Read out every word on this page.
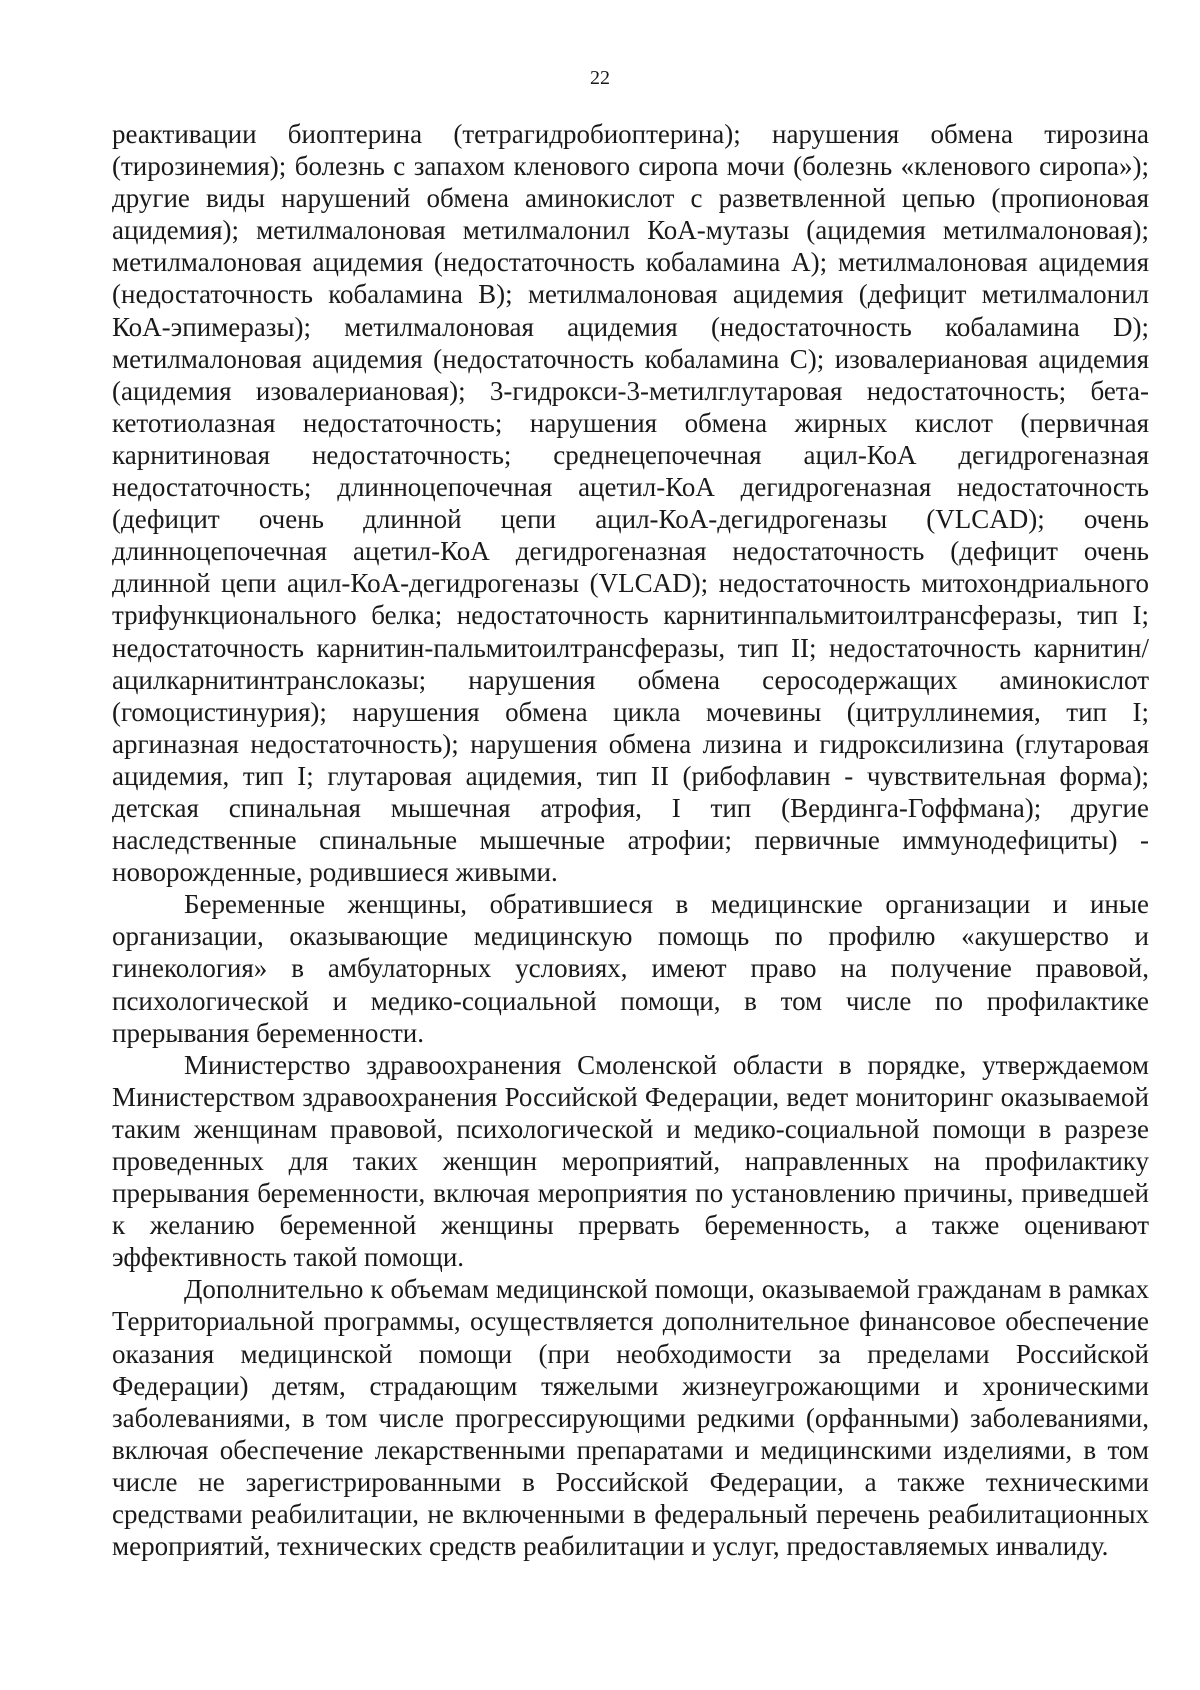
22

реактивации биоптерина (тетрагидробиоптерина); нарушения обмена тирозина (тирозинемия); болезнь с запахом кленового сиропа мочи (болезнь «кленового сиропа»); другие виды нарушений обмена аминокислот с разветвленной цепью (пропионовая ацидемия); метилмалоновая метилмалонил КоА-мутазы (ацидемия метилмалоновая); метилмалоновая ацидемия (недостаточность кобаламина А); метилмалоновая ацидемия (недостаточность кобаламина В); метилмалоновая ацидемия (дефицит метилмалонил КоА-эпимеразы); метилмалоновая ацидемия (недостаточность кобаламина D); метилмалоновая ацидемия (недостаточность кобаламина С); изовалериановая ацидемия (ацидемия изовалериановая); 3-гидрокси-3-метилглутаровая недостаточность; бета-кетотиолазная недостаточность; нарушения обмена жирных кислот (первичная карнитиновая недостаточность; среднецепочечная ацил-КоА дегидрогеназная недостаточность; длинноцепочечная ацетил-КоА дегидрогеназная недостаточность (дефицит очень длинной цепи ацил-КоА-дегидрогеназы (VLCAD); очень длинноцепочечная ацетил-КоА дегидрогеназная недостаточность (дефицит очень длинной цепи ацил-КоА-дегидрогеназы (VLCAD); недостаточность митохондриального трифункционального белка; недостаточность карнитинпальмитоилтрансферазы, тип I; недостаточность карнитин-пальмитоилтрансферазы, тип II; недостаточность карнитин/ацилкарнитинтранслоказы; нарушения обмена серосодержащих аминокислот (гомоцистинурия); нарушения обмена цикла мочевины (цитруллинемия, тип I; аргиназная недостаточность); нарушения обмена лизина и гидроксилизина (глутаровая ацидемия, тип I; глутаровая ацидемия, тип II (рибофлавин - чувствительная форма); детская спинальная мышечная атрофия, I тип (Вердинга-Гоффмана); другие наследственные спинальные мышечные атрофии; первичные иммунодефициты) - новорожденные, родившиеся живыми.

Беременные женщины, обратившиеся в медицинские организации и иные организации, оказывающие медицинскую помощь по профилю «акушерство и гинекология» в амбулаторных условиях, имеют право на получение правовой, психологической и медико-социальной помощи, в том числе по профилактике прерывания беременности.

Министерство здравоохранения Смоленской области в порядке, утверждаемом Министерством здравоохранения Российской Федерации, ведет мониторинг оказываемой таким женщинам правовой, психологической и медико-социальной помощи в разрезе проведенных для таких женщин мероприятий, направленных на профилактику прерывания беременности, включая мероприятия по установлению причины, приведшей к желанию беременной женщины прервать беременность, а также оценивают эффективность такой помощи.

Дополнительно к объемам медицинской помощи, оказываемой гражданам в рамках Территориальной программы, осуществляется дополнительное финансовое обеспечение оказания медицинской помощи (при необходимости за пределами Российской Федерации) детям, страдающим тяжелыми жизнеугрожающими и хроническими заболеваниями, в том числе прогрессирующими редкими (орфанными) заболеваниями, включая обеспечение лекарственными препаратами и медицинскими изделиями, в том числе не зарегистрированными в Российской Федерации, а также техническими средствами реабилитации, не включенными в федеральный перечень реабилитационных мероприятий, технических средств реабилитации и услуг, предоставляемых инвалиду.
